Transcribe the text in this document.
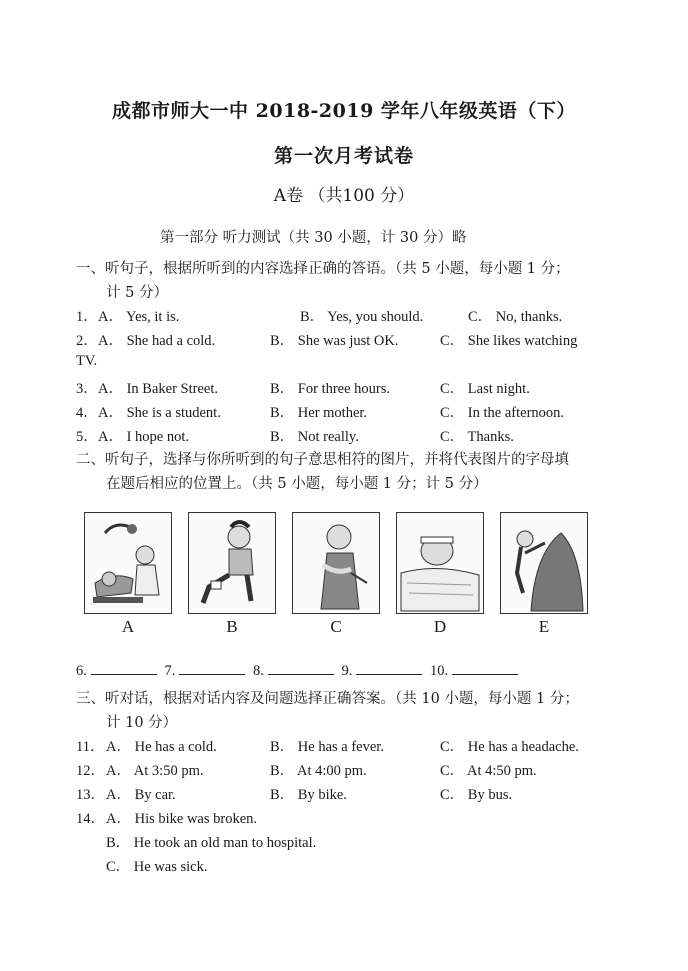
成都市师大一中 2018-2019 学年八年级英语（下）
第一次月考试卷
A卷 （共100 分）
第一部分 听力测试（共 30 小题，计 30 分）略
一、听句子，根据所听到的内容选择正确的答语。（共 5 小题，每小题 1 分；
计 5 分）
1． A． Yes, it is.	B． Yes, you should.	C． No, thanks.
2． A． She had a cold.	B． She was just OK.	C． She likes watching
TV.
3． A． In Baker Street.	B． For three hours.	C． Last night.
4． A． She is a student.	B． Her mother.	C． In the afternoon.
5． A． I hope not.	B． Not really.	C． Thanks.
二、听句子，选择与你所听到的句子意思相符的图片，并将代表图片的字母填
在题后相应的位置上。（共 5 小题，每小题 1 分；计 5 分）
A	B	C	D	E
6.	7.	8.	9.	10.
三、听对话，根据对话内容及问题选择正确答案。（共 10 小题，每小题 1 分；
计 10 分）
11． A． He has a cold.	B． He has a fever.	C． He has a headache.
12． A． At 3:50 pm.	B． At 4:00 pm.	C． At 4:50 pm.
13． A． By car.	B． By bike.	C． By bus.
14． A． His bike was broken.
B． He took an old man to hospital.
C． He was sick.
